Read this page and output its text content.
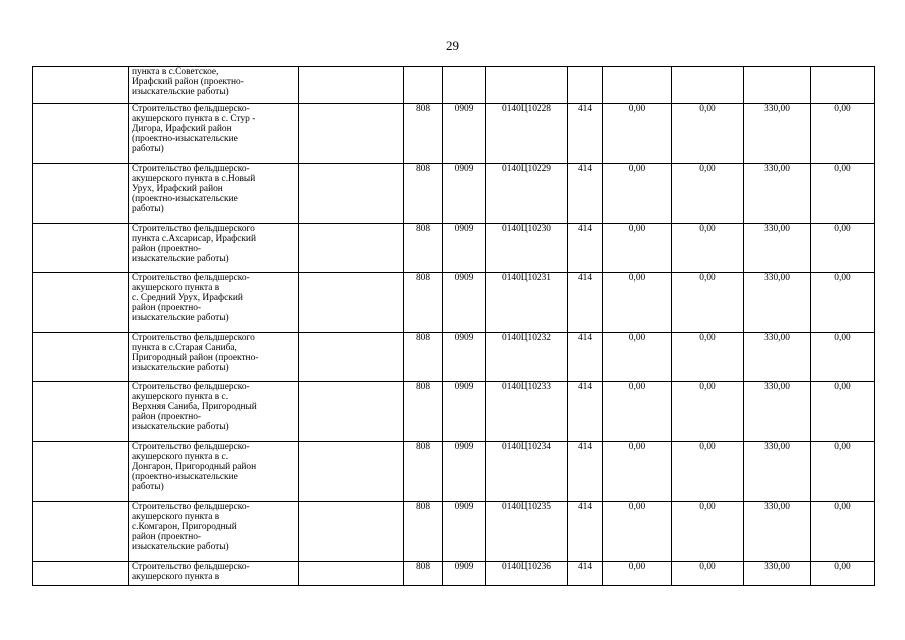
29
	пункта в с.Советское,
Ирафский район (проектно-
изыскательские работы)									
	Строительство фельдшерско-
акушерского пункта в с. Стур -
Дигора, Ирафский район
(проектно-изыскательские
работы)		808	0909	0140Ц10228	414	0,00	0,00	330,00	0,00
	Строительство фельдшерско-
акушерского пункта в с.Новый
Урух, Ирафский район
(проектно-изыскательские
работы)		808	0909	0140Ц10229	414	0,00	0,00	330,00	0,00
	Строительство фельдшерского
пункта с.Ахсарисар, Ирафский
район (проектно-
изыскательские работы)		808	0909	0140Ц10230	414	0,00	0,00	330,00	0,00
	Строительство фельдшерско-
акушерского пункта в
с. Средний Урух, Ирафский
район (проектно-
изыскательские работы)		808	0909	0140Ц10231	414	0,00	0,00	330,00	0,00
	Строительство фельдшерского
пункта в с.Старая Саниба,
Пригородный район (проектно-
изыскательские работы)		808	0909	0140Ц10232	414	0,00	0,00	330,00	0,00
	Строительство фельдшерско-
акушерского пункта в с.
Верхняя Саниба, Пригородный
район (проектно-
изыскательские работы)		808	0909	0140Ц10233	414	0,00	0,00	330,00	0,00
	Строительство фельдшерско-
акушерского пункта в с.
Донгарон, Пригородный район
(проектно-изыскательские
работы)		808	0909	0140Ц10234	414	0,00	0,00	330,00	0,00
	Строительство фельдшерско-
акушерского пункта в
с.Комгарон, Пригородный
район (проектно-
изыскательские работы)		808	0909	0140Ц10235	414	0,00	0,00	330,00	0,00
	Строительство фельдшерско-
акушерского пункта в		808	0909	0140Ц10236	414	0,00	0,00	330,00	0,00
